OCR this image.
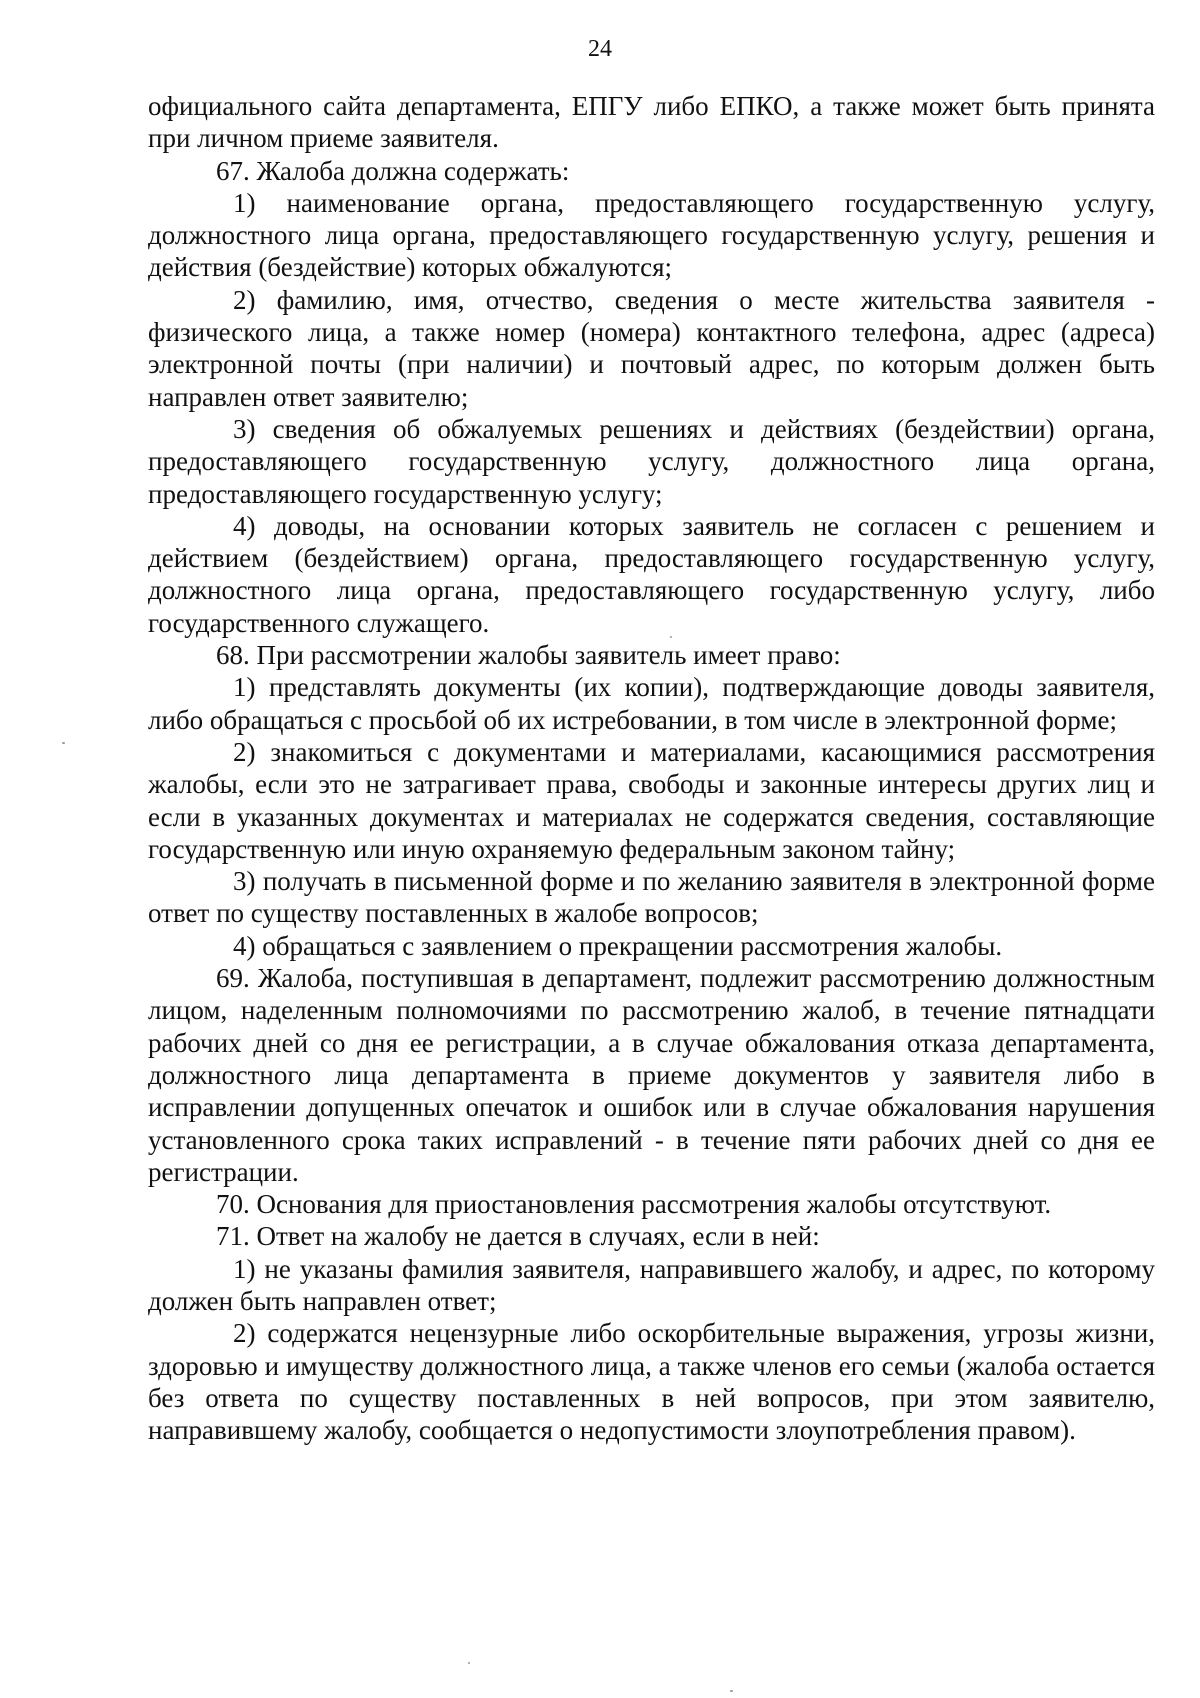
24

официального сайта департамента, ЕПГУ либо ЕПКО, а также может быть принята при личном приеме заявителя.

67. Жалоба должна содержать:

1) наименование органа, предоставляющего государственную услугу, должностного лица органа, предоставляющего государственную услугу, решения и действия (бездействие) которых обжалуются;

2) фамилию, имя, отчество, сведения о месте жительства заявителя - физического лица, а также номер (номера) контактного телефона, адрес (адреса) электронной почты (при наличии) и почтовый адрес, по которым должен быть направлен ответ заявителю;

3) сведения об обжалуемых решениях и действиях (бездействии) органа, предоставляющего государственную услугу, должностного лица органа, предоставляющего государственную услугу;

4) доводы, на основании которых заявитель не согласен с решением и действием (бездействием) органа, предоставляющего государственную услугу, должностного лица органа, предоставляющего государственную услугу, либо государственного служащего.

68. При рассмотрении жалобы заявитель имеет право:

1) представлять документы (их копии), подтверждающие доводы заявителя, либо обращаться с просьбой об их истребовании, в том числе в электронной форме;

2) знакомиться с документами и материалами, касающимися рассмотрения жалобы, если это не затрагивает права, свободы и законные интересы других лиц и если в указанных документах и материалах не содержатся сведения, составляющие государственную или иную охраняемую федеральным законом тайну;

3) получать в письменной форме и по желанию заявителя в электронной форме ответ по существу поставленных в жалобе вопросов;

4) обращаться с заявлением о прекращении рассмотрения жалобы.

69. Жалоба, поступившая в департамент, подлежит рассмотрению должностным лицом, наделенным полномочиями по рассмотрению жалоб, в течение пятнадцати рабочих дней со дня ее регистрации, а в случае обжалования отказа департамента, должностного лица департамента в приеме документов у заявителя либо в исправлении допущенных опечаток и ошибок или в случае обжалования нарушения установленного срока таких исправлений - в течение пяти рабочих дней со дня ее регистрации.

70. Основания для приостановления рассмотрения жалобы отсутствуют.

71. Ответ на жалобу не дается в случаях, если в ней:

1) не указаны фамилия заявителя, направившего жалобу, и адрес, по которому должен быть направлен ответ;

2) содержатся нецензурные либо оскорбительные выражения, угрозы жизни, здоровью и имуществу должностного лица, а также членов его семьи (жалоба остается без ответа по существу поставленных в ней вопросов, при этом заявителю, направившему жалобу, сообщается о недопустимости злоупотребления правом).
